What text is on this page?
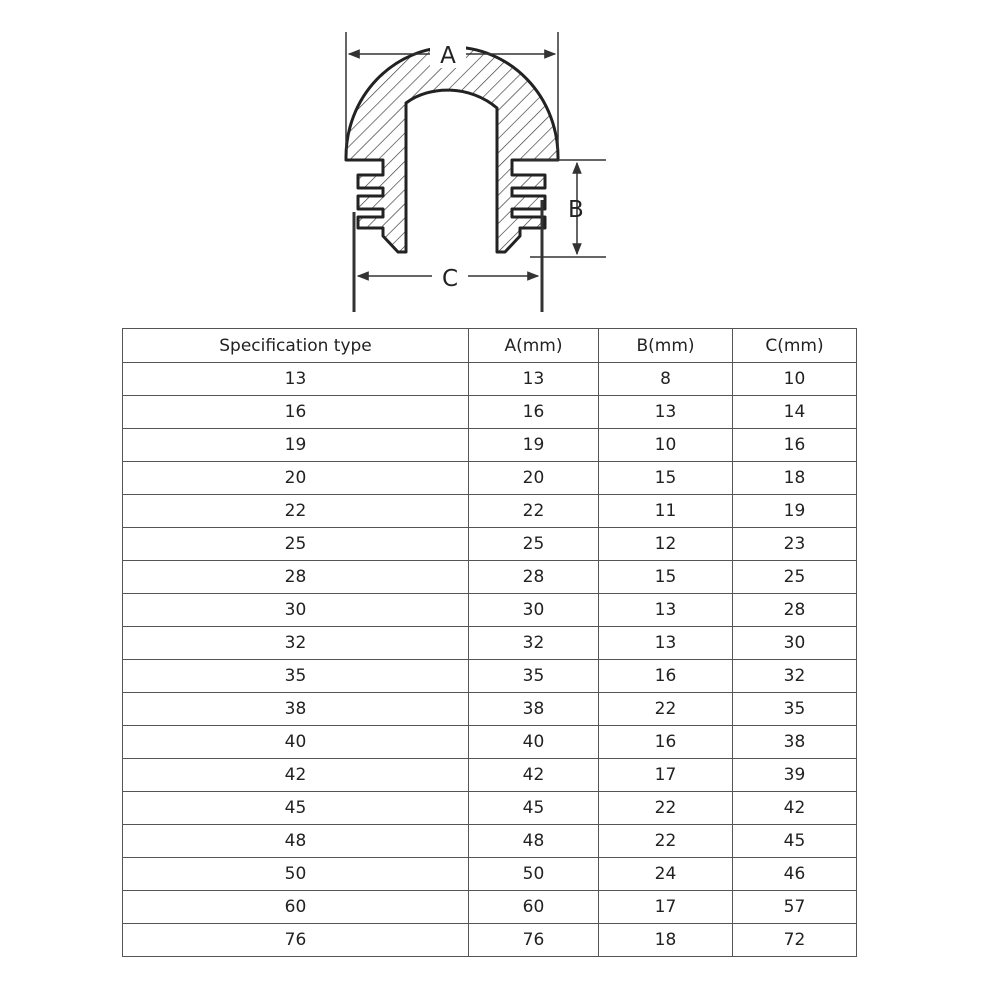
A
B
C
Specification type	A(mm)	B(mm)	C(mm)
13	13	8	10
16	16	13	14
19	19	10	16
20	20	15	18
22	22	11	19
25	25	12	23
28	28	15	25
30	30	13	28
32	32	13	30
35	35	16	32
38	38	22	35
40	40	16	38
42	42	17	39
45	45	22	42
48	48	22	45
50	50	24	46
60	60	17	57
76	76	18	72
